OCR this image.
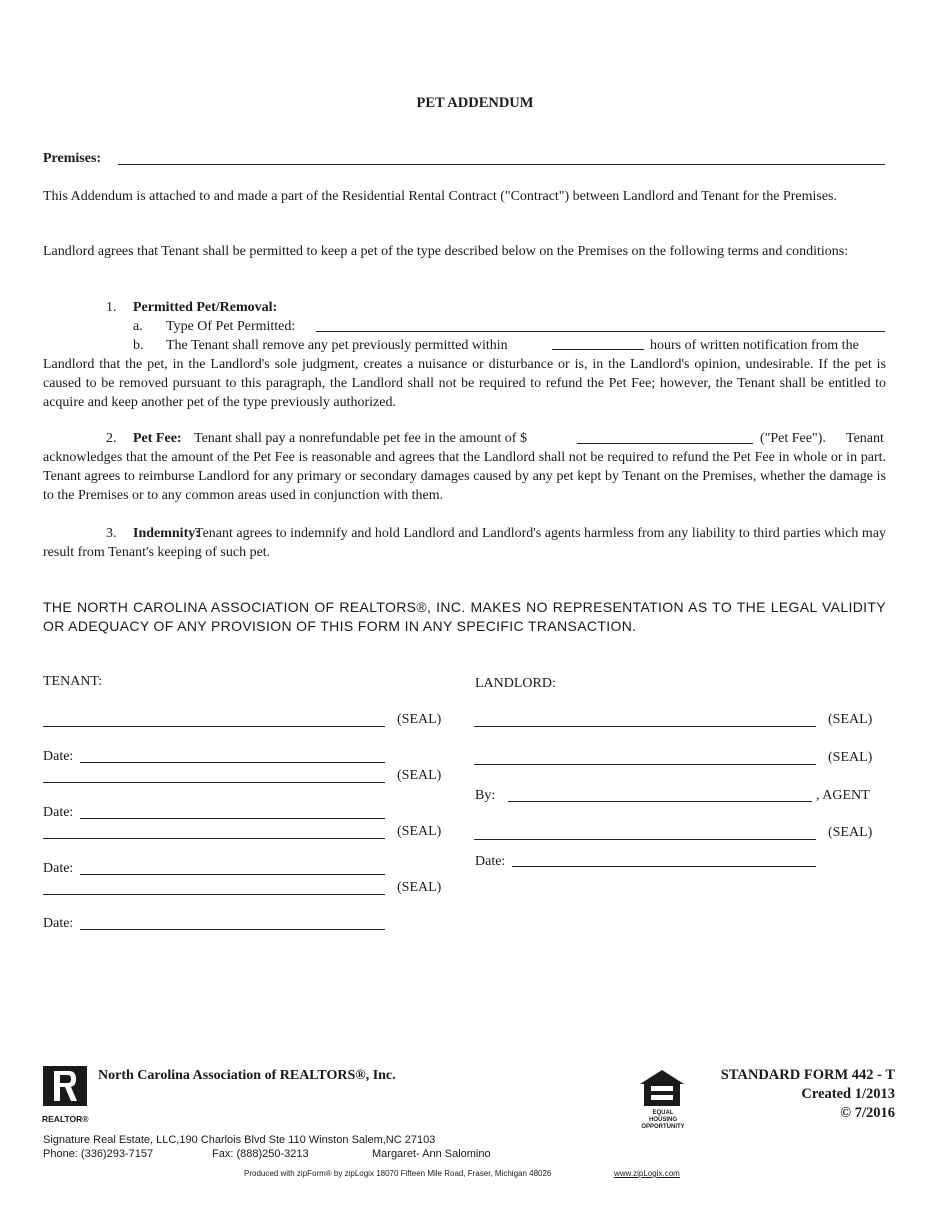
PET ADDENDUM
Premises:
This Addendum is attached to and made a part of the Residential Rental Contract ("Contract") between Landlord and Tenant for the Premises.
Landlord agrees that Tenant shall be permitted to keep a pet of the type described below on the Premises on the following terms and conditions:
1. Permitted Pet/Removal:
a. Type Of Pet Permitted:
b. The Tenant shall remove any pet previously permitted within	hours of written notification from the
Landlord that the pet, in the Landlord's sole judgment, creates a nuisance or disturbance or is, in the Landlord's opinion, undesirable. If the pet is caused to be removed pursuant to this paragraph, the Landlord shall not be required to refund the Pet Fee; however, the Tenant shall be entitled to acquire and keep another pet of the type previously authorized.
2. Pet Fee: Tenant shall pay a nonrefundable pet fee in the amount of $	("Pet Fee"). Tenant
acknowledges that the amount of the Pet Fee is reasonable and agrees that the Landlord shall not be required to refund the Pet Fee in whole or in part. Tenant agrees to reimburse Landlord for any primary or secondary damages caused by any pet kept by Tenant on the Premises, whether the damage is to the Premises or to any common areas used in conjunction with them.
3. Indemnity:
Tenant agrees to indemnify and hold Landlord and Landlord's agents harmless from any liability to third parties which may result from Tenant's keeping of such pet.
THE NORTH CAROLINA ASSOCIATION OF REALTORS®, INC. MAKES NO REPRESENTATION AS TO THE LEGAL VALIDITY OR ADEQUACY OF ANY PROVISION OF THIS FORM IN ANY SPECIFIC TRANSACTION.
TENANT:	LANDLORD:
(SEAL)
Date:
(SEAL)
Date:
(SEAL)
Date:
(SEAL)
Date:
(SEAL)
(SEAL)
By:	, AGENT
(SEAL)
Date:
REALTOR®
North Carolina Association of REALTORS®, Inc.
EQUAL HOUSING
OPPORTUNITY
STANDARD FORM 442 - T
Created 1/2013
© 7/2016
Signature Real Estate, LLC,190 Charlois Blvd Ste 110 Winston Salem,NC 27103
Phone: (336)293-7157	Fax: (888)250-3213	Margaret- Ann Salomino
Produced with zipForm® by zipLogix 18070 Fifteen Mile Road, Fraser, Michigan 48026	www.zipLogix.com
